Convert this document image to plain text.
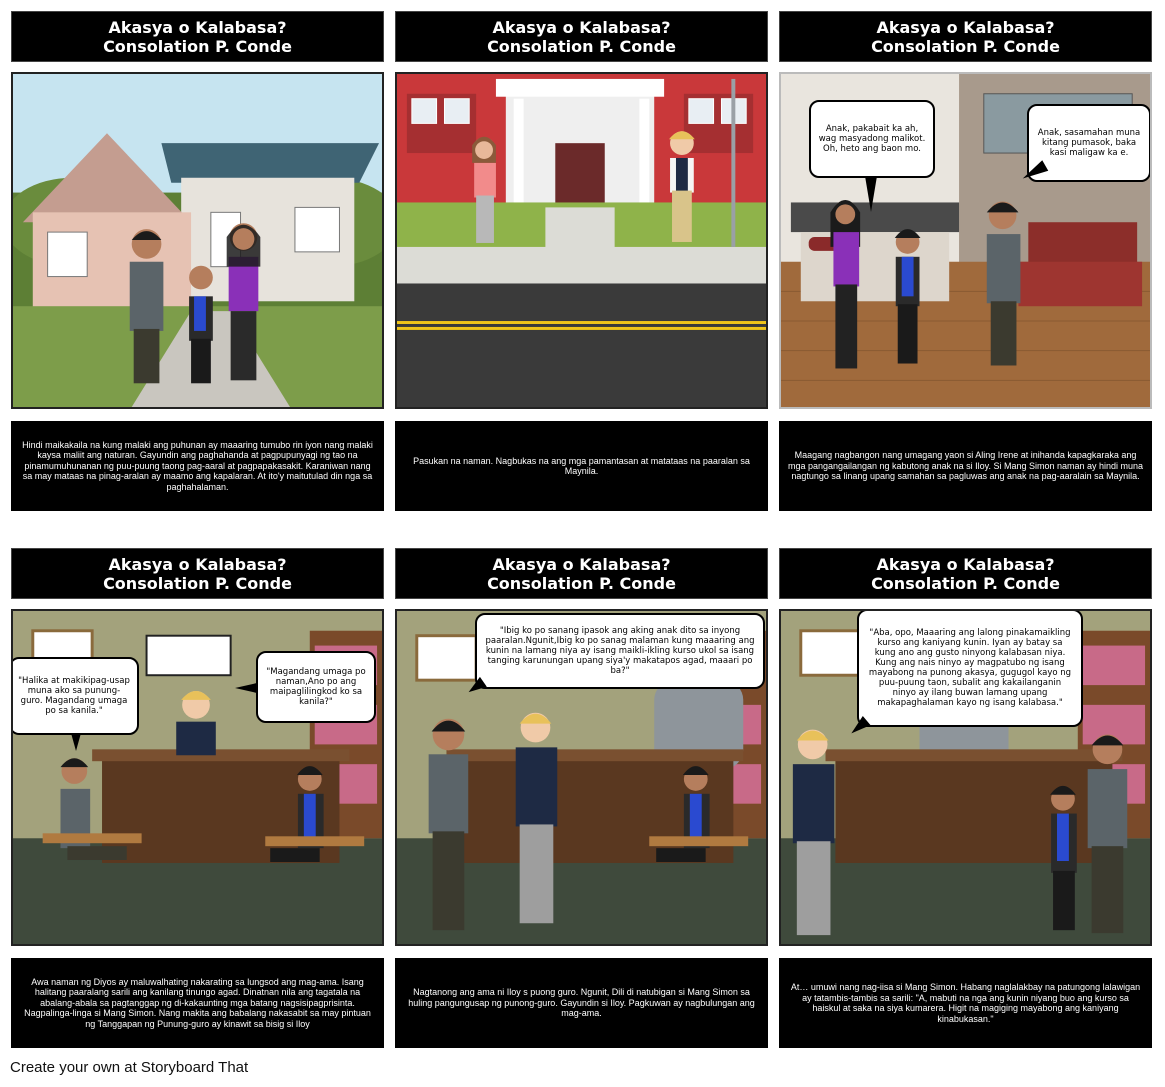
Akasya o Kalabasa?
Consolation P. Conde
Hindi maikakaila na kung malaki ang puhunan ay maaaring tumubo rin iyon nang malaki kaysa maliit ang naturan. Gayundin ang paghahanda at pagpupunyagi ng tao na pinamumuhunanan ng puu-puung taong pag-aaral at pagpapakasakit. Karaniwan nang sa may mataas na pinag-aralan ay maamo ang kapalaran. At ito'y maitutulad din nga sa paghahalaman.
Akasya o Kalabasa?
Consolation P. Conde
Pasukan na naman. Nagbukas na ang mga pamantasan at matataas na paaralan sa Maynila.
Akasya o Kalabasa?
Consolation P. Conde
Anak, pakabait ka ah, wag masyadong malikot. Oh, heto ang baon mo.
Anak, sasamahan muna kitang pumasok, baka kasi maligaw ka e.
Maagang nagbangon nang umagang yaon si Aling Irene at inihanda kapagkaraka ang mga pangangailangan ng kabutong anak na si Iloy. Si Mang Simon naman ay hindi muna nagtungo sa linang upang samahan sa pagluwas ang anak na pag-aaralain sa Maynila.
Akasya o Kalabasa?
Consolation P. Conde
"Halika at makikipag-usap muna ako sa punung-guro. Magandang umaga po sa kanila."
"Magandang umaga po naman,Ano po ang maipaglilingkod ko sa kanila?"
Awa naman ng Diyos ay maluwalhating nakarating sa lungsod ang mag-ama. Isang halitang paaralang sarili ang kanilang tinungo agad. Dinatnan nila ang tagatala na abalang-abala sa pagtanggap ng di-kakaunting mga batang nagsisipagprisinta. Nagpalinga-linga si Mang Simon. Nang makita ang babalang nakasabit sa may pintuan ng Tanggapan ng Punung-guro ay kinawit sa bisig si Iloy
Akasya o Kalabasa?
Consolation P. Conde
"Ibig ko po sanang ipasok ang aking anak dito sa inyong paaralan.Ngunit,Ibig ko po sanag malaman kung maaaring ang kunin na lamang niya ay isang maikli-ikling kurso ukol sa isang tanging karunungan upang siya'y makatapos agad, maaari po ba?"
Nagtanong ang ama ni Iloy s puong guro. Ngunit, Dili di natubigan si Mang Simon sa huling pangungusap ng punong-guro. Gayundin si Iloy. Pagkuwan ay nagbulungan ang mag-ama.
Akasya o Kalabasa?
Consolation P. Conde
"Aba, opo, Maaaring ang lalong pinakamaikling kurso ang kaniyang kunin. Iyan ay batay sa kung ano ang gusto ninyong kalabasan niya. Kung ang nais ninyo ay magpatubo ng isang mayabong na punong akasya, gugugol kayo ng puu-puung taon, subalit ang kakailanganin ninyo ay ilang buwan lamang upang makapaghalaman kayo ng isang kalabasa."
At… umuwi nang nag-iisa si Mang Simon. Habang naglalakbay na patungong lalawigan ay tatambis-tambis sa sarili: "A, mabuti na nga ang kunin niyang buo ang kurso sa haiskul at saka na siya kumarera. Higit na magiging mayabong ang kaniyang kinabukasan."
Create your own at Storyboard That
